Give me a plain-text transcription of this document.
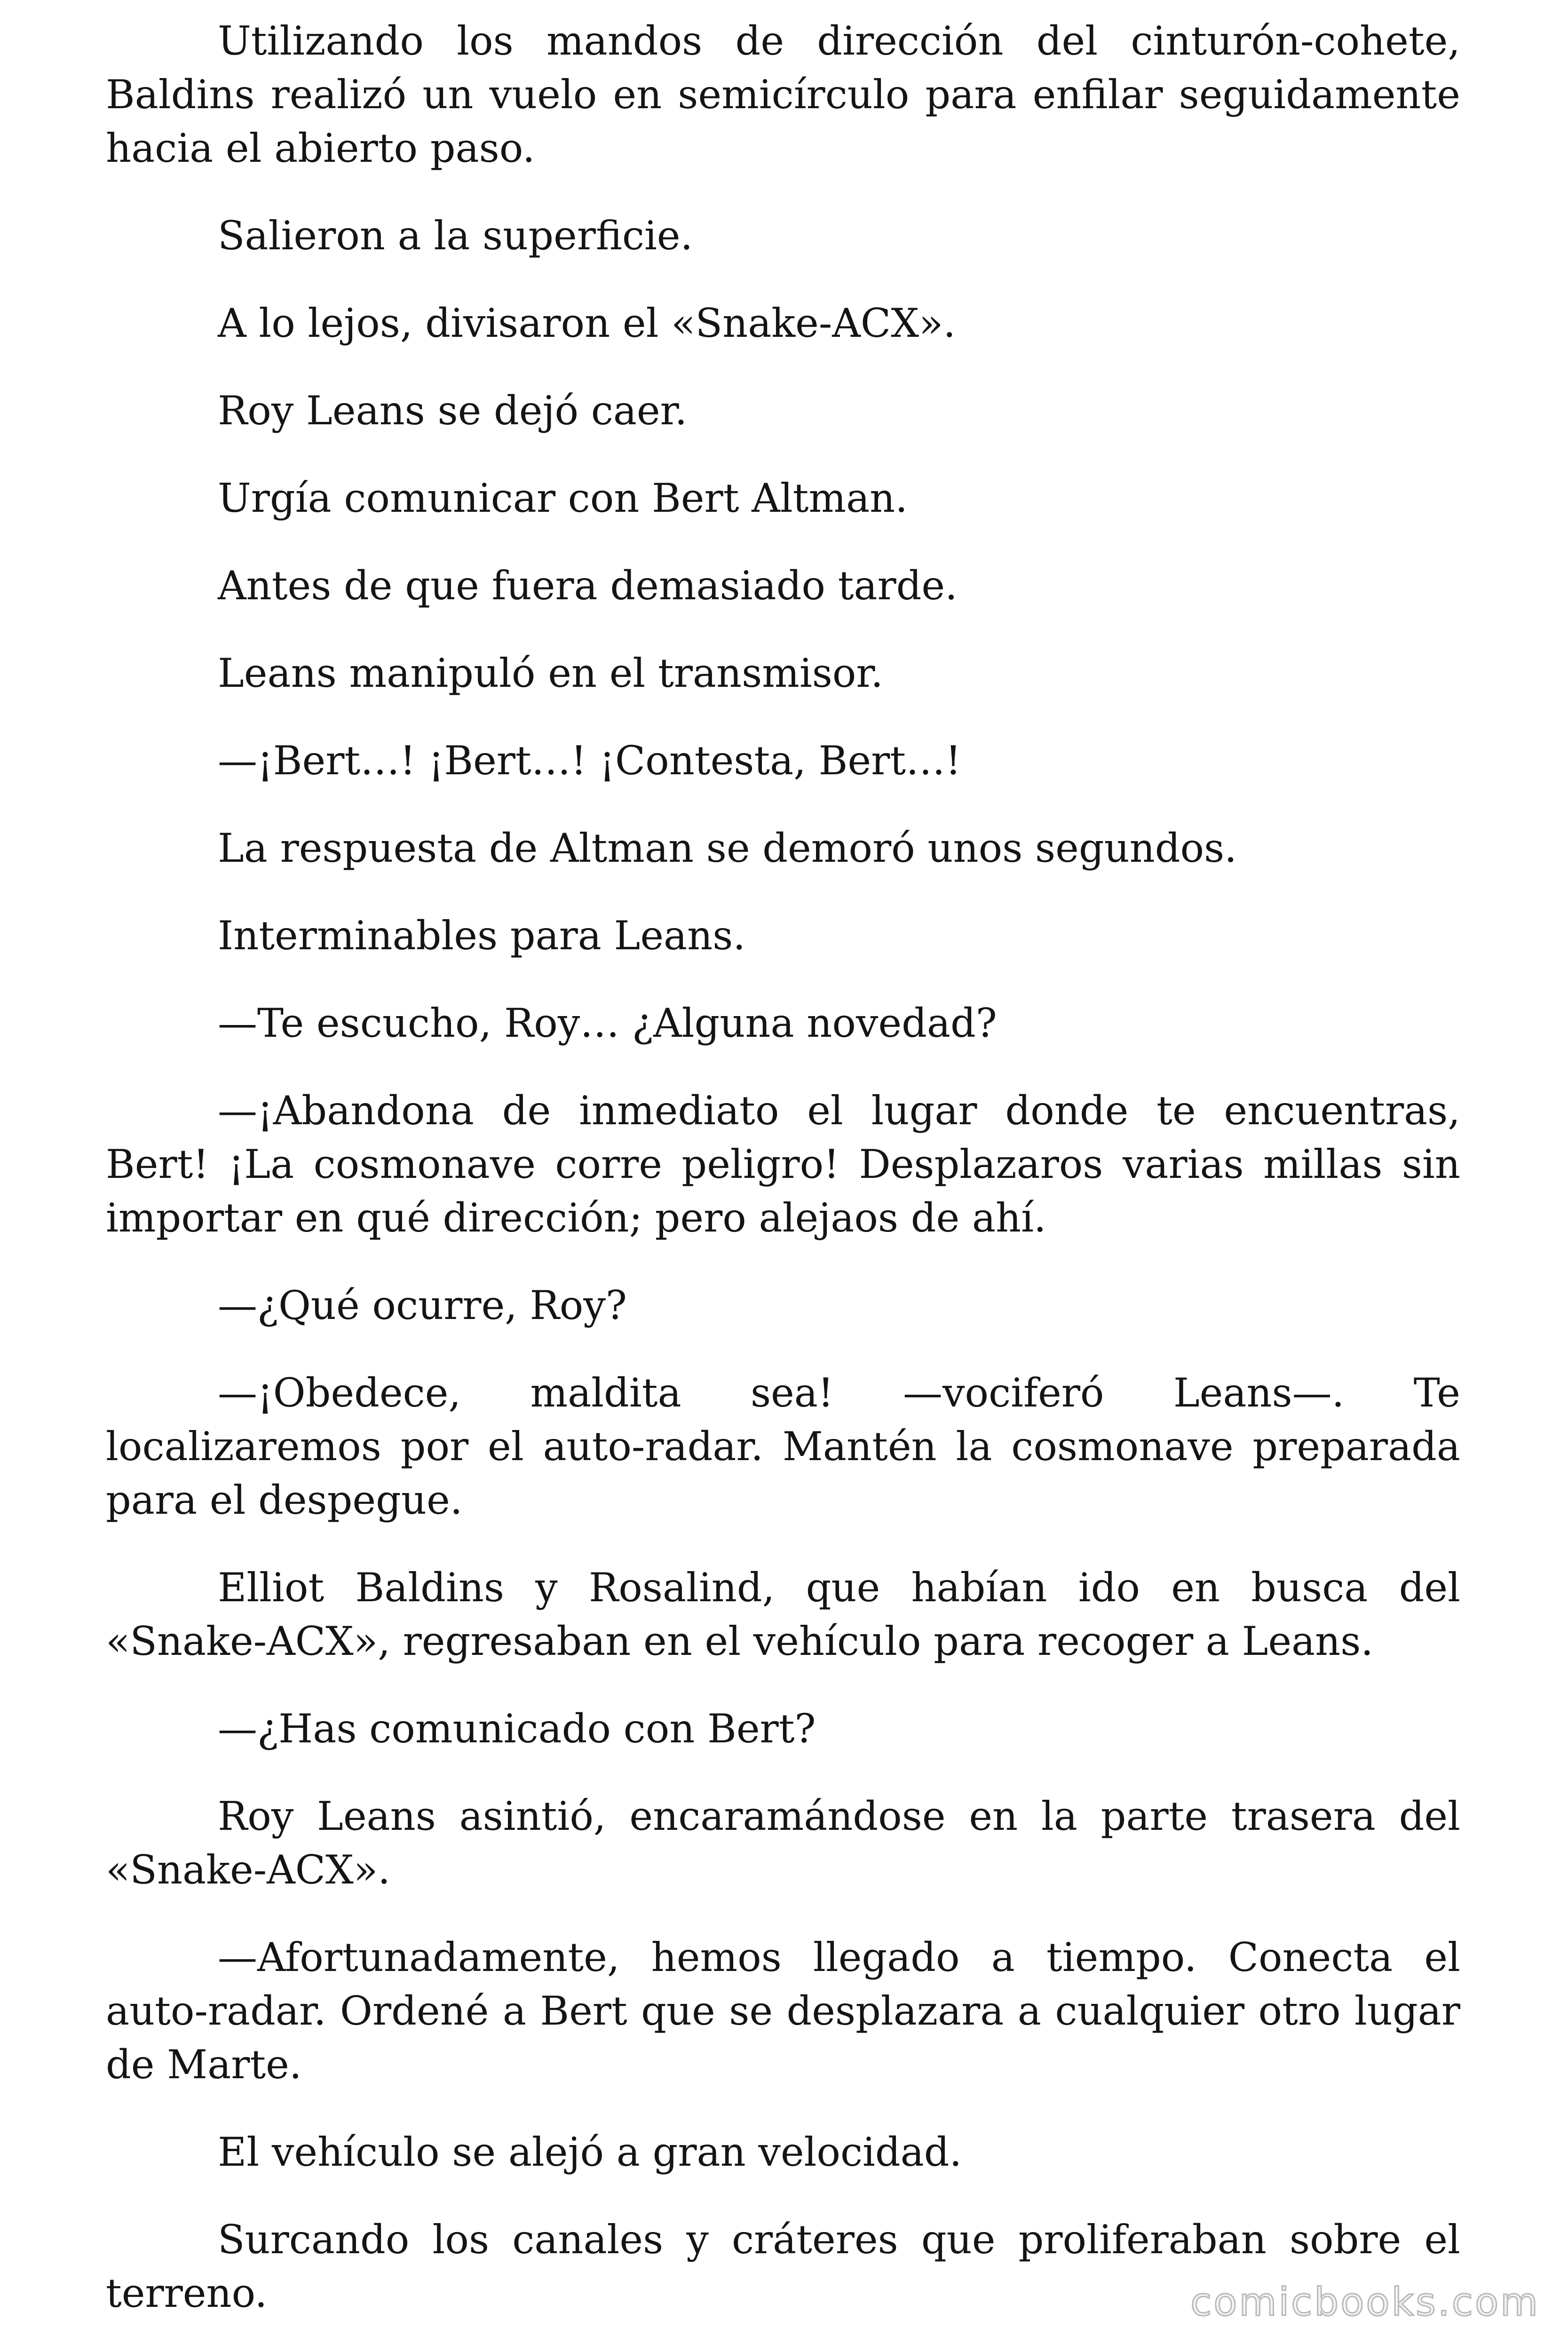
Utilizando los mandos de dirección del cinturón-cohete, Baldins realizó un vuelo en semicírculo para enfilar seguidamente hacia el abierto paso.

Salieron a la superficie.

A lo lejos, divisaron el «Snake-ACX».

Roy Leans se dejó caer.

Urgía comunicar con Bert Altman.

Antes de que fuera demasiado tarde.

Leans manipuló en el transmisor.

—¡Bert…! ¡Bert…! ¡Contesta, Bert…!

La respuesta de Altman se demoró unos segundos.

Interminables para Leans.

—Te escucho, Roy… ¿Alguna novedad?

—¡Abandona de inmediato el lugar donde te encuentras, Bert! ¡La cosmonave corre peligro! Desplazaros varias millas sin importar en qué dirección; pero alejaos de ahí.

—¿Qué ocurre, Roy?

—¡Obedece, maldita sea! —vociferó Leans—. Te localizaremos por el auto-radar. Mantén la cosmonave preparada para el despegue.

Elliot Baldins y Rosalind, que habían ido en busca del «Snake-ACX», regresaban en el vehículo para recoger a Leans.

—¿Has comunicado con Bert?

Roy Leans asintió, encaramándose en la parte trasera del «Snake-ACX».

—Afortunadamente, hemos llegado a tiempo. Conecta el auto-radar. Ordené a Bert que se desplazara a cualquier otro lugar de Marte.

El vehículo se alejó a gran velocidad.

Surcando los canales y cráteres que proliferaban sobre el terreno.	comicbooks.com
